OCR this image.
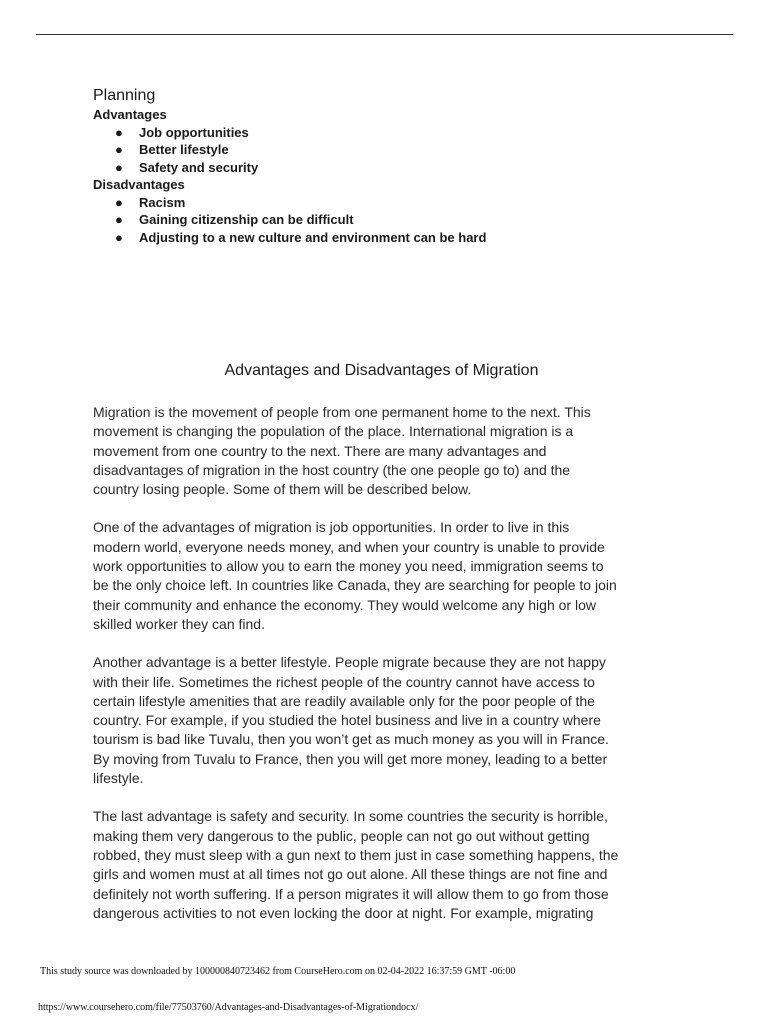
Planning
Advantages
● Job opportunities
● Better lifestyle
● Safety and security
Disadvantages
● Racism
● Gaining citizenship can be difficult
● Adjusting to a new culture and environment can be hard
Advantages and Disadvantages of Migration

Migration is the movement of people from one permanent home to the next. This
movement is changing the population of the place. International migration is a
movement from one country to the next. There are many advantages and
disadvantages of migration in the host country (the one people go to) and the
country losing people. Some of them will be described below.

One of the advantages of migration is job opportunities. In order to live in this
modern world, everyone needs money, and when your country is unable to provide
work opportunities to allow you to earn the money you need, immigration seems to
be the only choice left. In countries like Canada, they are searching for people to join
their community and enhance the economy. They would welcome any high or low
skilled worker they can find.

Another advantage is a better lifestyle. People migrate because they are not happy
with their life. Sometimes the richest people of the country cannot have access to
certain lifestyle amenities that are readily available only for the poor people of the
country. For example, if you studied the hotel business and live in a country where
tourism is bad like Tuvalu, then you won’t get as much money as you will in France.
By moving from Tuvalu to France, then you will get more money, leading to a better
lifestyle.

The last advantage is safety and security. In some countries the security is horrible,
making them very dangerous to the public, people can not go out without getting
robbed, they must sleep with a gun next to them just in case something happens, the
girls and women must at all times not go out alone. All these things are not fine and
definitely not worth suffering. If a person migrates it will allow them to go from those
dangerous activities to not even locking the door at night. For example, migrating

This study source was downloaded by 100000840723462 from CourseHero.com on 02-04-2022 16:37:59 GMT -06:00
https://www.coursehero.com/file/77503760/Advantages-and-Disadvantages-of-Migrationdocx/
